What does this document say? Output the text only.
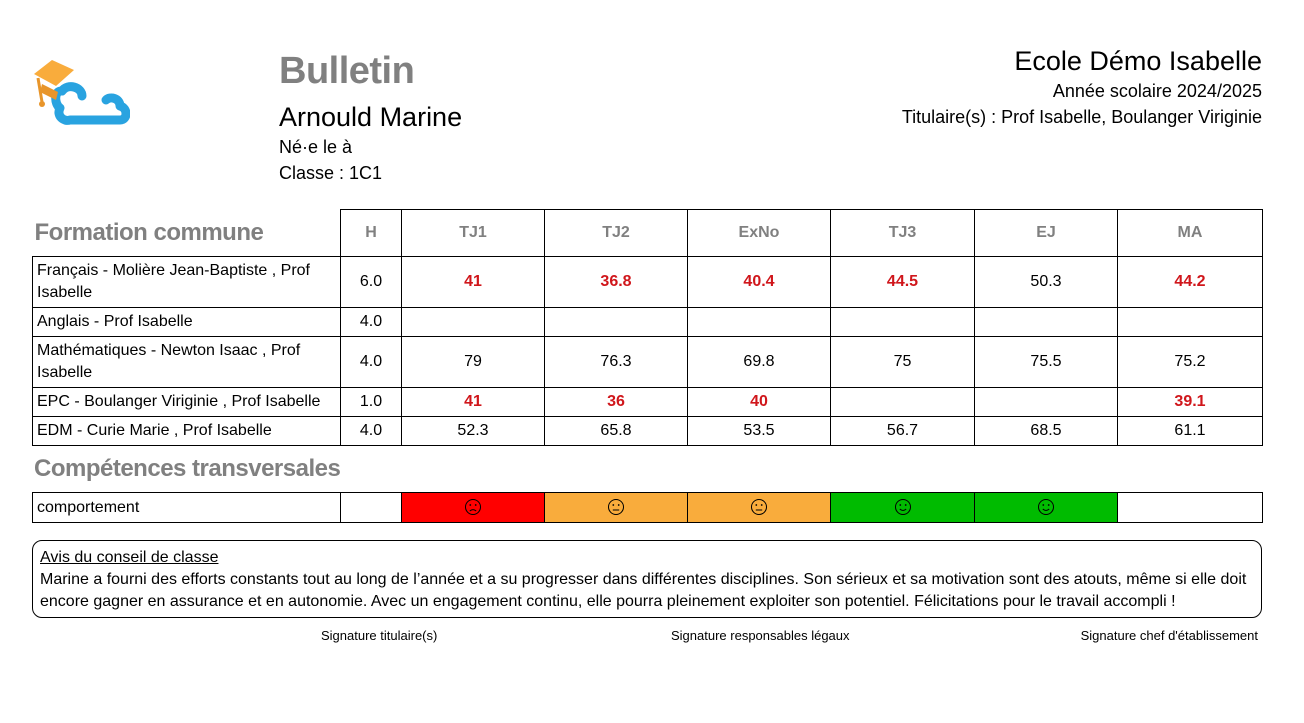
Bulletin
Arnould Marine
Né·e le à
Classe : 1C1
Ecole Démo Isabelle
Année scolaire 2024/2025
Titulaire(s) : Prof Isabelle, Boulanger Viriginie
Formation commune	H	TJ1	TJ2	ExNo	TJ3	EJ	MA
Français - Molière Jean-Baptiste , Prof Isabelle	6.0	41	36.8	40.4	44.5	50.3	44.2
Anglais - Prof Isabelle	4.0						
Mathématiques - Newton Isaac , Prof Isabelle	4.0	79	76.3	69.8	75	75.5	75.2
EPC - Boulanger Viriginie , Prof Isabelle	1.0	41	36	40			39.1
EDM - Curie Marie , Prof Isabelle	4.0	52.3	65.8	53.5	56.7	68.5	61.1
Compétences transversales
comportement							
Avis du conseil de classe
Marine a fourni des efforts constants tout au long de l’année et a su progresser dans différentes disciplines. Son sérieux et sa motivation sont des atouts, même si elle doit encore gagner en assurance et en autonomie. Avec un engagement continu, elle pourra pleinement exploiter son potentiel. Félicitations pour le travail accompli !
Signature titulaire(s)	Signature responsables légaux	Signature chef d'établissement
